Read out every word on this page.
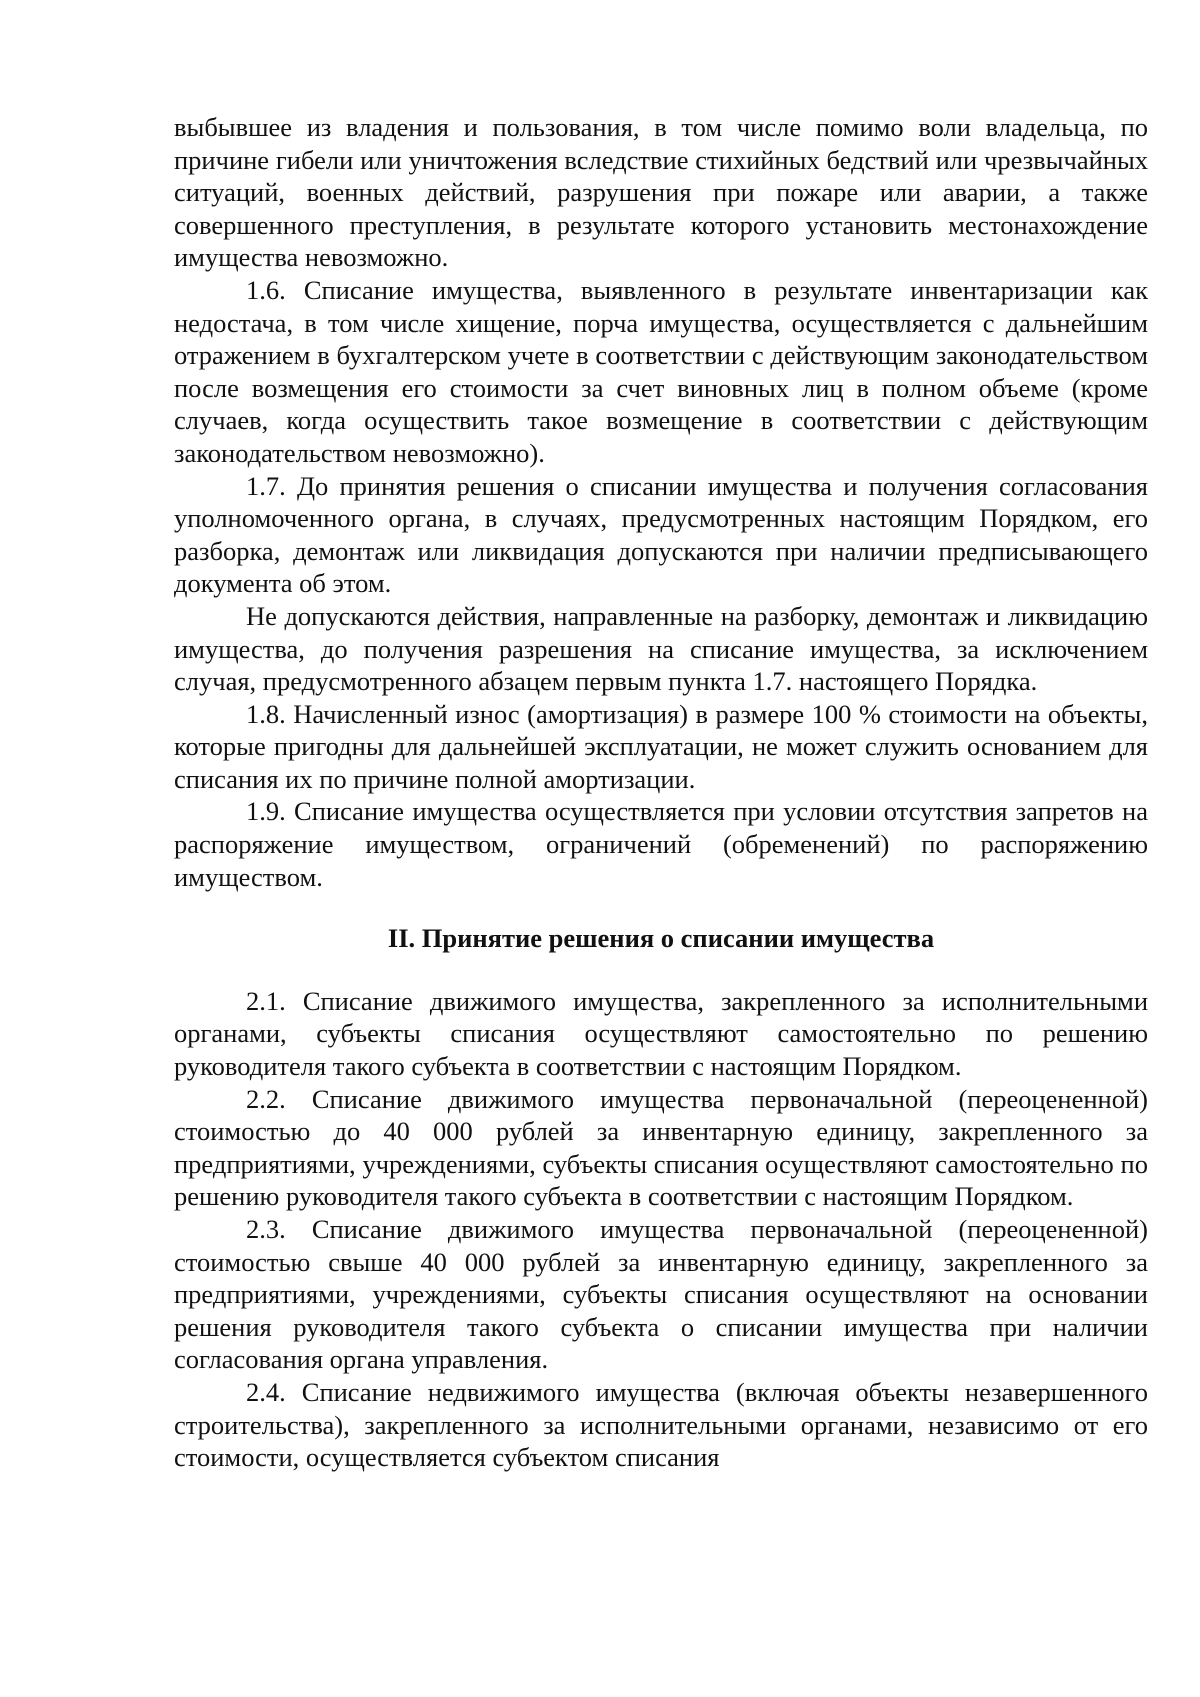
выбывшее из владения и пользования, в том числе помимо воли владельца, по причине гибели или уничтожения вследствие стихийных бедствий или чрезвычайных ситуаций, военных действий, разрушения при пожаре или аварии, а также совершенного преступления, в результате которого установить местонахождение имущества невозможно.

1.6. Списание имущества, выявленного в результате инвентаризации как недостача, в том числе хищение, порча имущества, осуществляется с дальнейшим отражением в бухгалтерском учете в соответствии с действующим законодательством после возмещения его стоимости за счет виновных лиц в полном объеме (кроме случаев, когда осуществить такое возмещение в соответствии с действующим законодательством невозможно).

1.7. До принятия решения о списании имущества и получения согласования уполномоченного органа, в случаях, предусмотренных настоящим Порядком, его разборка, демонтаж или ликвидация допускаются при наличии предписывающего документа об этом.

Не допускаются действия, направленные на разборку, демонтаж и ликвидацию имущества, до получения разрешения на списание имущества, за исключением случая, предусмотренного абзацем первым пункта 1.7. настоящего Порядка.

1.8. Начисленный износ (амортизация) в размере 100 % стоимости на объекты, которые пригодны для дальнейшей эксплуатации, не может служить основанием для списания их по причине полной амортизации.

1.9. Списание имущества осуществляется при условии отсутствия запретов на распоряжение имуществом, ограничений (обременений) по распоряжению имуществом.

II. Принятие решения о списании имущества

2.1. Списание движимого имущества, закрепленного за исполнительными органами, субъекты списания осуществляют самостоятельно по решению руководителя такого субъекта в соответствии с настоящим Порядком.

2.2. Списание движимого имущества первоначальной (переоцененной) стоимостью до 40 000 рублей за инвентарную единицу, закрепленного за предприятиями, учреждениями, субъекты списания осуществляют самостоятельно по решению руководителя такого субъекта в соответствии с настоящим Порядком.

2.3. Списание движимого имущества первоначальной (переоцененной) стоимостью свыше 40 000 рублей за инвентарную единицу, закрепленного за предприятиями, учреждениями, субъекты списания осуществляют на основании решения руководителя такого субъекта о списании имущества при наличии согласования органа управления.

2.4. Списание недвижимого имущества (включая объекты незавершенного строительства), закрепленного за исполнительными органами, независимо от его стоимости, осуществляется субъектом списания
